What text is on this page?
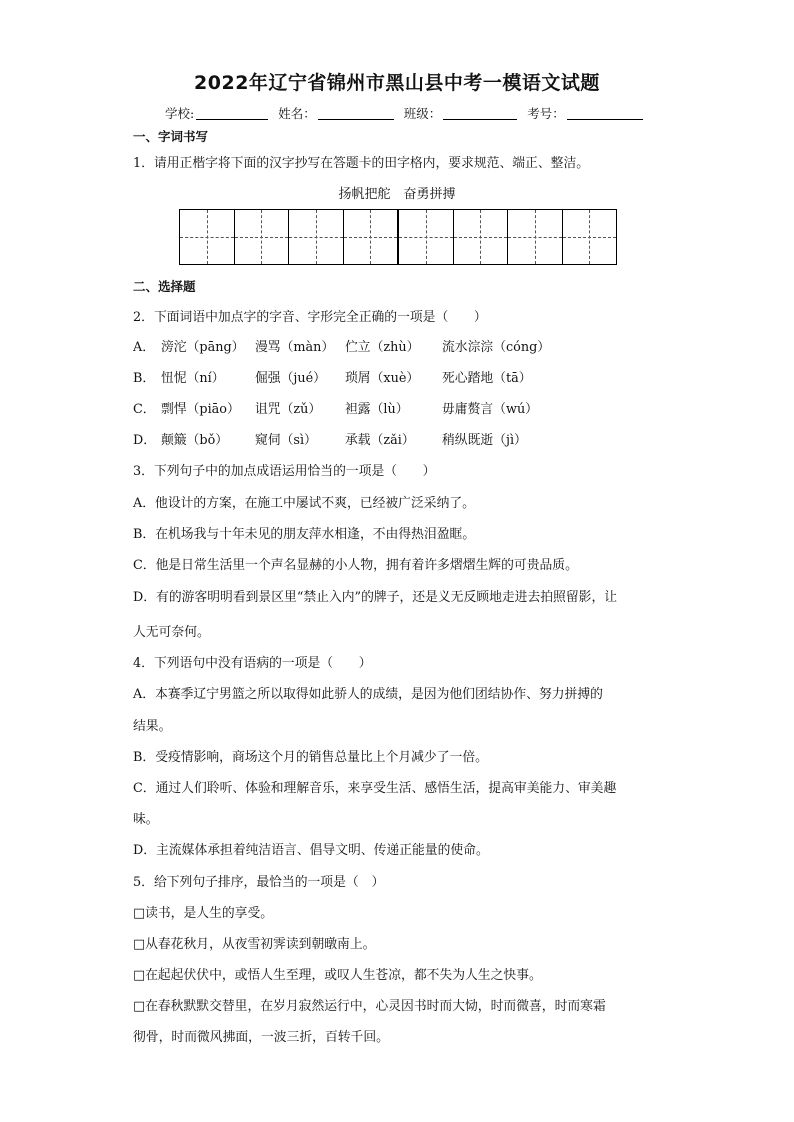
2022年辽宁省锦州市黑山县中考一模语文试题
学校:	姓名：	班级：	考号：
一、字词书写
1．请用正楷字将下面的汉字抄写在答题卡的田字格内，要求规范、端正、整洁。
扬帆把舵　奋勇拼搏
二、选择题
2．下面词语中加点字的字音、字形完全正确的一项是（　　）
A． 滂沱（pāng） 漫骂（màn） 伫立（zhù） 流水淙淙（cóng）
B． 忸怩（ní） 倔强（jué） 琐屑（xuè） 死心踏地（tā）
C． 剽悍（piāo） 诅咒（zǔ） 袒露（lù）	毋庸赘言（wú）
D． 颠簸（bǒ） 窥伺（sì） 承载（zǎi） 稍纵既逝（jì）
3．下列句子中的加点成语运用恰当的一项是（　　）
A．他设计的方案，在施工中屡试不爽，已经被广泛采纳了。
B．在机场我与十年未见的朋友萍水相逢，不由得热泪盈眶。
C．他是日常生活里一个声名显赫的小人物，拥有着许多熠熠生辉的可贵品质。
D．有的游客明明看到景区里“禁止入内”的牌子，还是义无反顾地走进去拍照留影，让
人无可奈何。
4．下列语句中没有语病的一项是（　　）
A．本赛季辽宁男篮之所以取得如此骄人的成绩，是因为他们团结协作、努力拼搏的
结果。
B．受疫情影响，商场这个月的销售总量比上个月减少了一倍。
C．通过人们聆听、体验和理解音乐，来享受生活、感悟生活，提高审美能力、审美趣
味。
D．主流媒体承担着纯洁语言、倡导文明、传递正能量的使命。
5．给下列句子排序，最恰当的一项是（　）
□读书，是人生的享受。
□从春花秋月，从夜雪初霁读到朝暾南上。
□在起起伏伏中，或悟人生至理，或叹人生苍凉，都不失为人生之快事。
□在春秋默默交替里，在岁月寂然运行中，心灵因书时而大恸，时而微喜，时而寒霜
彻骨，时而微风拂面，一波三折，百转千回。
